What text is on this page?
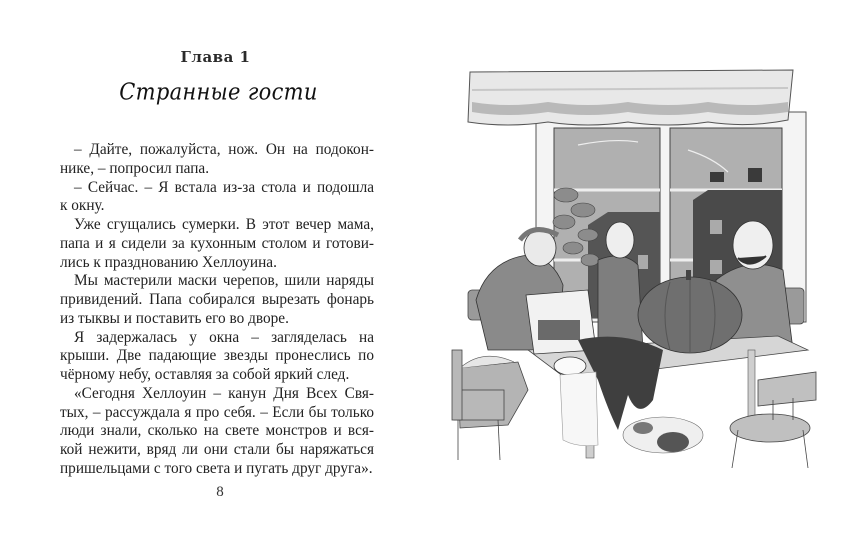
Глава 1
Странные гости
– Дайте, пожалуйста, нож. Он на подокон-
нике, – попросил папа.
– Сейчас. – Я встала из-за стола и подошла
к окну.
Уже сгущались сумерки. В этот вечер мама,
папа и я сидели за кухонным столом и готови-
лись к празднованию Хеллоуина.
Мы мастерили маски черепов, шили наряды
привидений. Папа собирался вырезать фонарь
из тыквы и поставить его во дворе.
Я задержалась у окна – загляделась на
крыши. Две падающие звезды пронеслись по
чёрному небу, оставляя за собой яркий след.
«Сегодня Хеллоуин – канун Дня Всех Свя-
тых, – рассуждала я про себя. – Если бы только
люди знали, сколько на свете монстров и вся-
кой нежити, вряд ли они стали бы наряжаться
пришельцами с того света и пугать друг друга».
8
